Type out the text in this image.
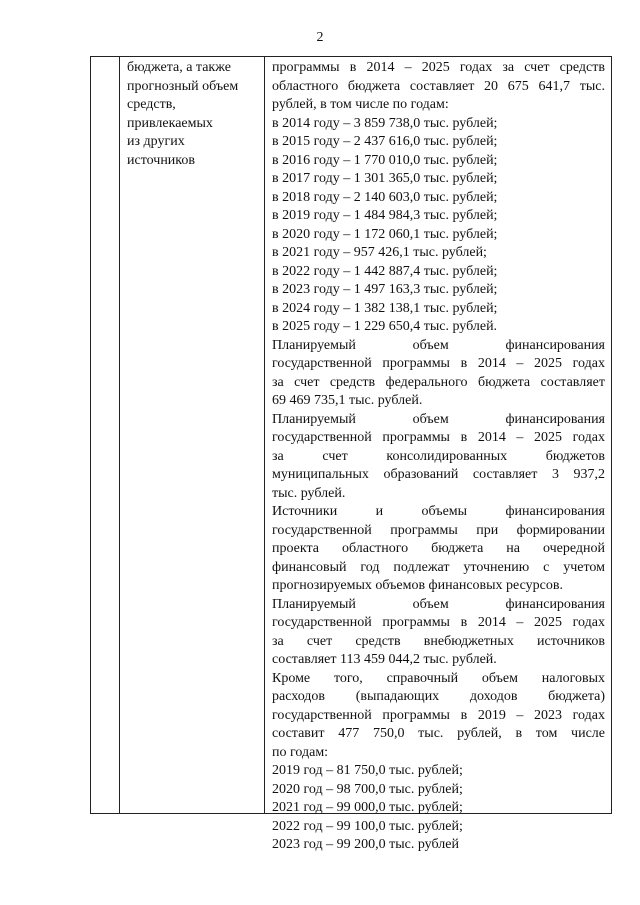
2
бюджета, а также
прогнозный объем
средств,
привлекаемых
из других
источников
программы в 2014 – 2025 годах за счет средств
областного бюджета составляет 20 675 641,7 тыс.
рублей, в том числе по годам:
в 2014 году – 3 859 738,0 тыс. рублей;
в 2015 году – 2 437 616,0 тыс. рублей;
в 2016 году – 1 770 010,0 тыс. рублей;
в 2017 году – 1 301 365,0 тыс. рублей;
в 2018 году – 2 140 603,0 тыс. рублей;
в 2019 году – 1 484 984,3 тыс. рублей;
в 2020 году – 1 172 060,1 тыс. рублей;
в 2021 году – 957 426,1 тыс. рублей;
в 2022 году – 1 442 887,4 тыс. рублей;
в 2023 году – 1 497 163,3 тыс. рублей;
в 2024 году – 1 382 138,1 тыс. рублей;
в 2025 году – 1 229 650,4 тыс. рублей.
Планируемый объем финансирования
государственной программы в 2014 – 2025 годах
за счет средств федерального бюджета составляет
69 469 735,1 тыс. рублей.
Планируемый объем финансирования
государственной программы в 2014 – 2025 годах
за счет консолидированных бюджетов
муниципальных образований составляет 3 937,2
тыс. рублей.
Источники и объемы финансирования
государственной программы при формировании
проекта областного бюджета на очередной
финансовый год подлежат уточнению с учетом
прогнозируемых объемов финансовых ресурсов.
Планируемый объем финансирования
государственной программы в 2014 – 2025 годах
за счет средств внебюджетных источников
составляет 113 459 044,2 тыс. рублей.
Кроме того, справочный объем налоговых
расходов (выпадающих доходов бюджета)
государственной программы в 2019 – 2023 годах
составит 477 750,0 тыс. рублей, в том числе
по годам:
2019 год – 81 750,0 тыс. рублей;
2020 год – 98 700,0 тыс. рублей;
2021 год – 99 000,0 тыс. рублей;
2022 год – 99 100,0 тыс. рублей;
2023 год – 99 200,0 тыс. рублей
